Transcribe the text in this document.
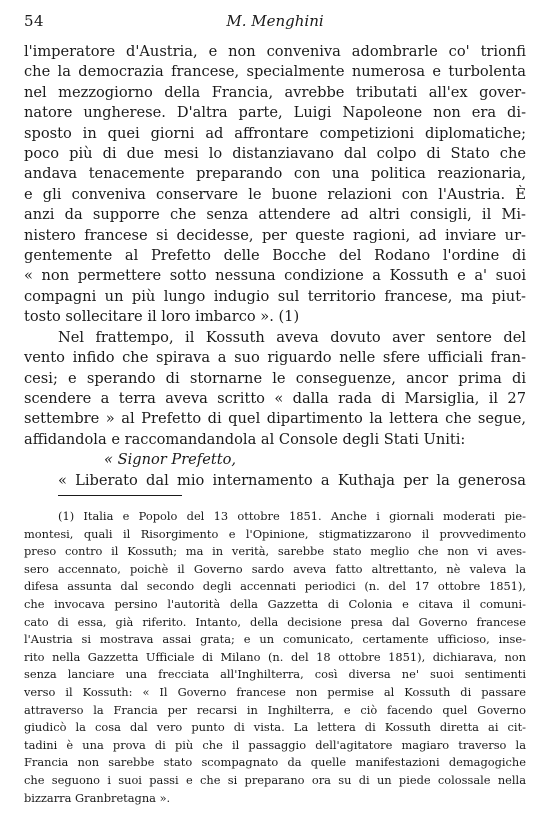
54	M. Menghini
l'imperatore d'Austria, e non conveniva adombrarle co' trionfi
che la democrazia francese, specialmente numerosa e turbolenta
nel mezzogiorno della Francia, avrebbe tributati all'ex gover-
natore ungherese. D'altra parte, Luigi Napoleone non era di-
sposto in quei giorni ad affrontare competizioni diplomatiche;
poco più di due mesi lo distanziavano dal colpo di Stato che
andava tenacemente preparando con una politica reazionaria,
e gli conveniva conservare le buone relazioni con l'Austria. È
anzi da supporre che senza attendere ad altri consigli, il Mi-
nistero francese si decidesse, per queste ragioni, ad inviare ur-
gentemente al Prefetto delle Bocche del Rodano l'ordine di
« non permettere sotto nessuna condizione a Kossuth e a' suoi
compagni un più lungo indugio sul territorio francese, ma piut-
tosto sollecitare il loro imbarco ». (1)
Nel frattempo, il Kossuth aveva dovuto aver sentore del
vento infido che spirava a suo riguardo nelle sfere ufficiali fran-
cesi; e sperando di stornarne le conseguenze, ancor prima di
scendere a terra aveva scritto « dalla rada di Marsiglia, il 27
settembre » al Prefetto di quel dipartimento la lettera che segue,
affidandola e raccomandandola al Console degli Stati Uniti:
« Signor Prefetto,
« Liberato dal mio internamento a Kuthaja per la generosa
(1) Italia e Popolo del 13 ottobre 1851. Anche i giornali moderati pie-
montesi, quali il Risorgimento e l'Opinione, stigmatizzarono il provvedimento
preso contro il Kossuth; ma in verità, sarebbe stato meglio che non vi aves-
sero accennato, poichè il Governo sardo aveva fatto altrettanto, nè valeva la
difesa assunta dal secondo degli accennati periodici (n. del 17 ottobre 1851),
che invocava persino l'autorità della Gazzetta di Colonia e citava il comuni-
cato di essa, già riferito. Intanto, della decisione presa dal Governo francese
l'Austria si mostrava assai grata; e un comunicato, certamente ufficioso, inse-
rito nella Gazzetta Ufficiale di Milano (n. del 18 ottobre 1851), dichiarava, non
senza lanciare una frecciata all'Inghilterra, così diversa ne' suoi sentimenti
verso il Kossuth: « Il Governo francese non permise al Kossuth di passare
attraverso la Francia per recarsi in Inghilterra, e ciò facendo quel Governo
giudicò la cosa dal vero punto di vista. La lettera di Kossuth diretta ai cit-
tadini è una prova di più che il passaggio dell'agitatore magiaro traverso la
Francia non sarebbe stato scompagnato da quelle manifestazioni demagogiche
che seguono i suoi passi e che si preparano ora su di un piede colossale nella
bizzarra Granbretagna ».
